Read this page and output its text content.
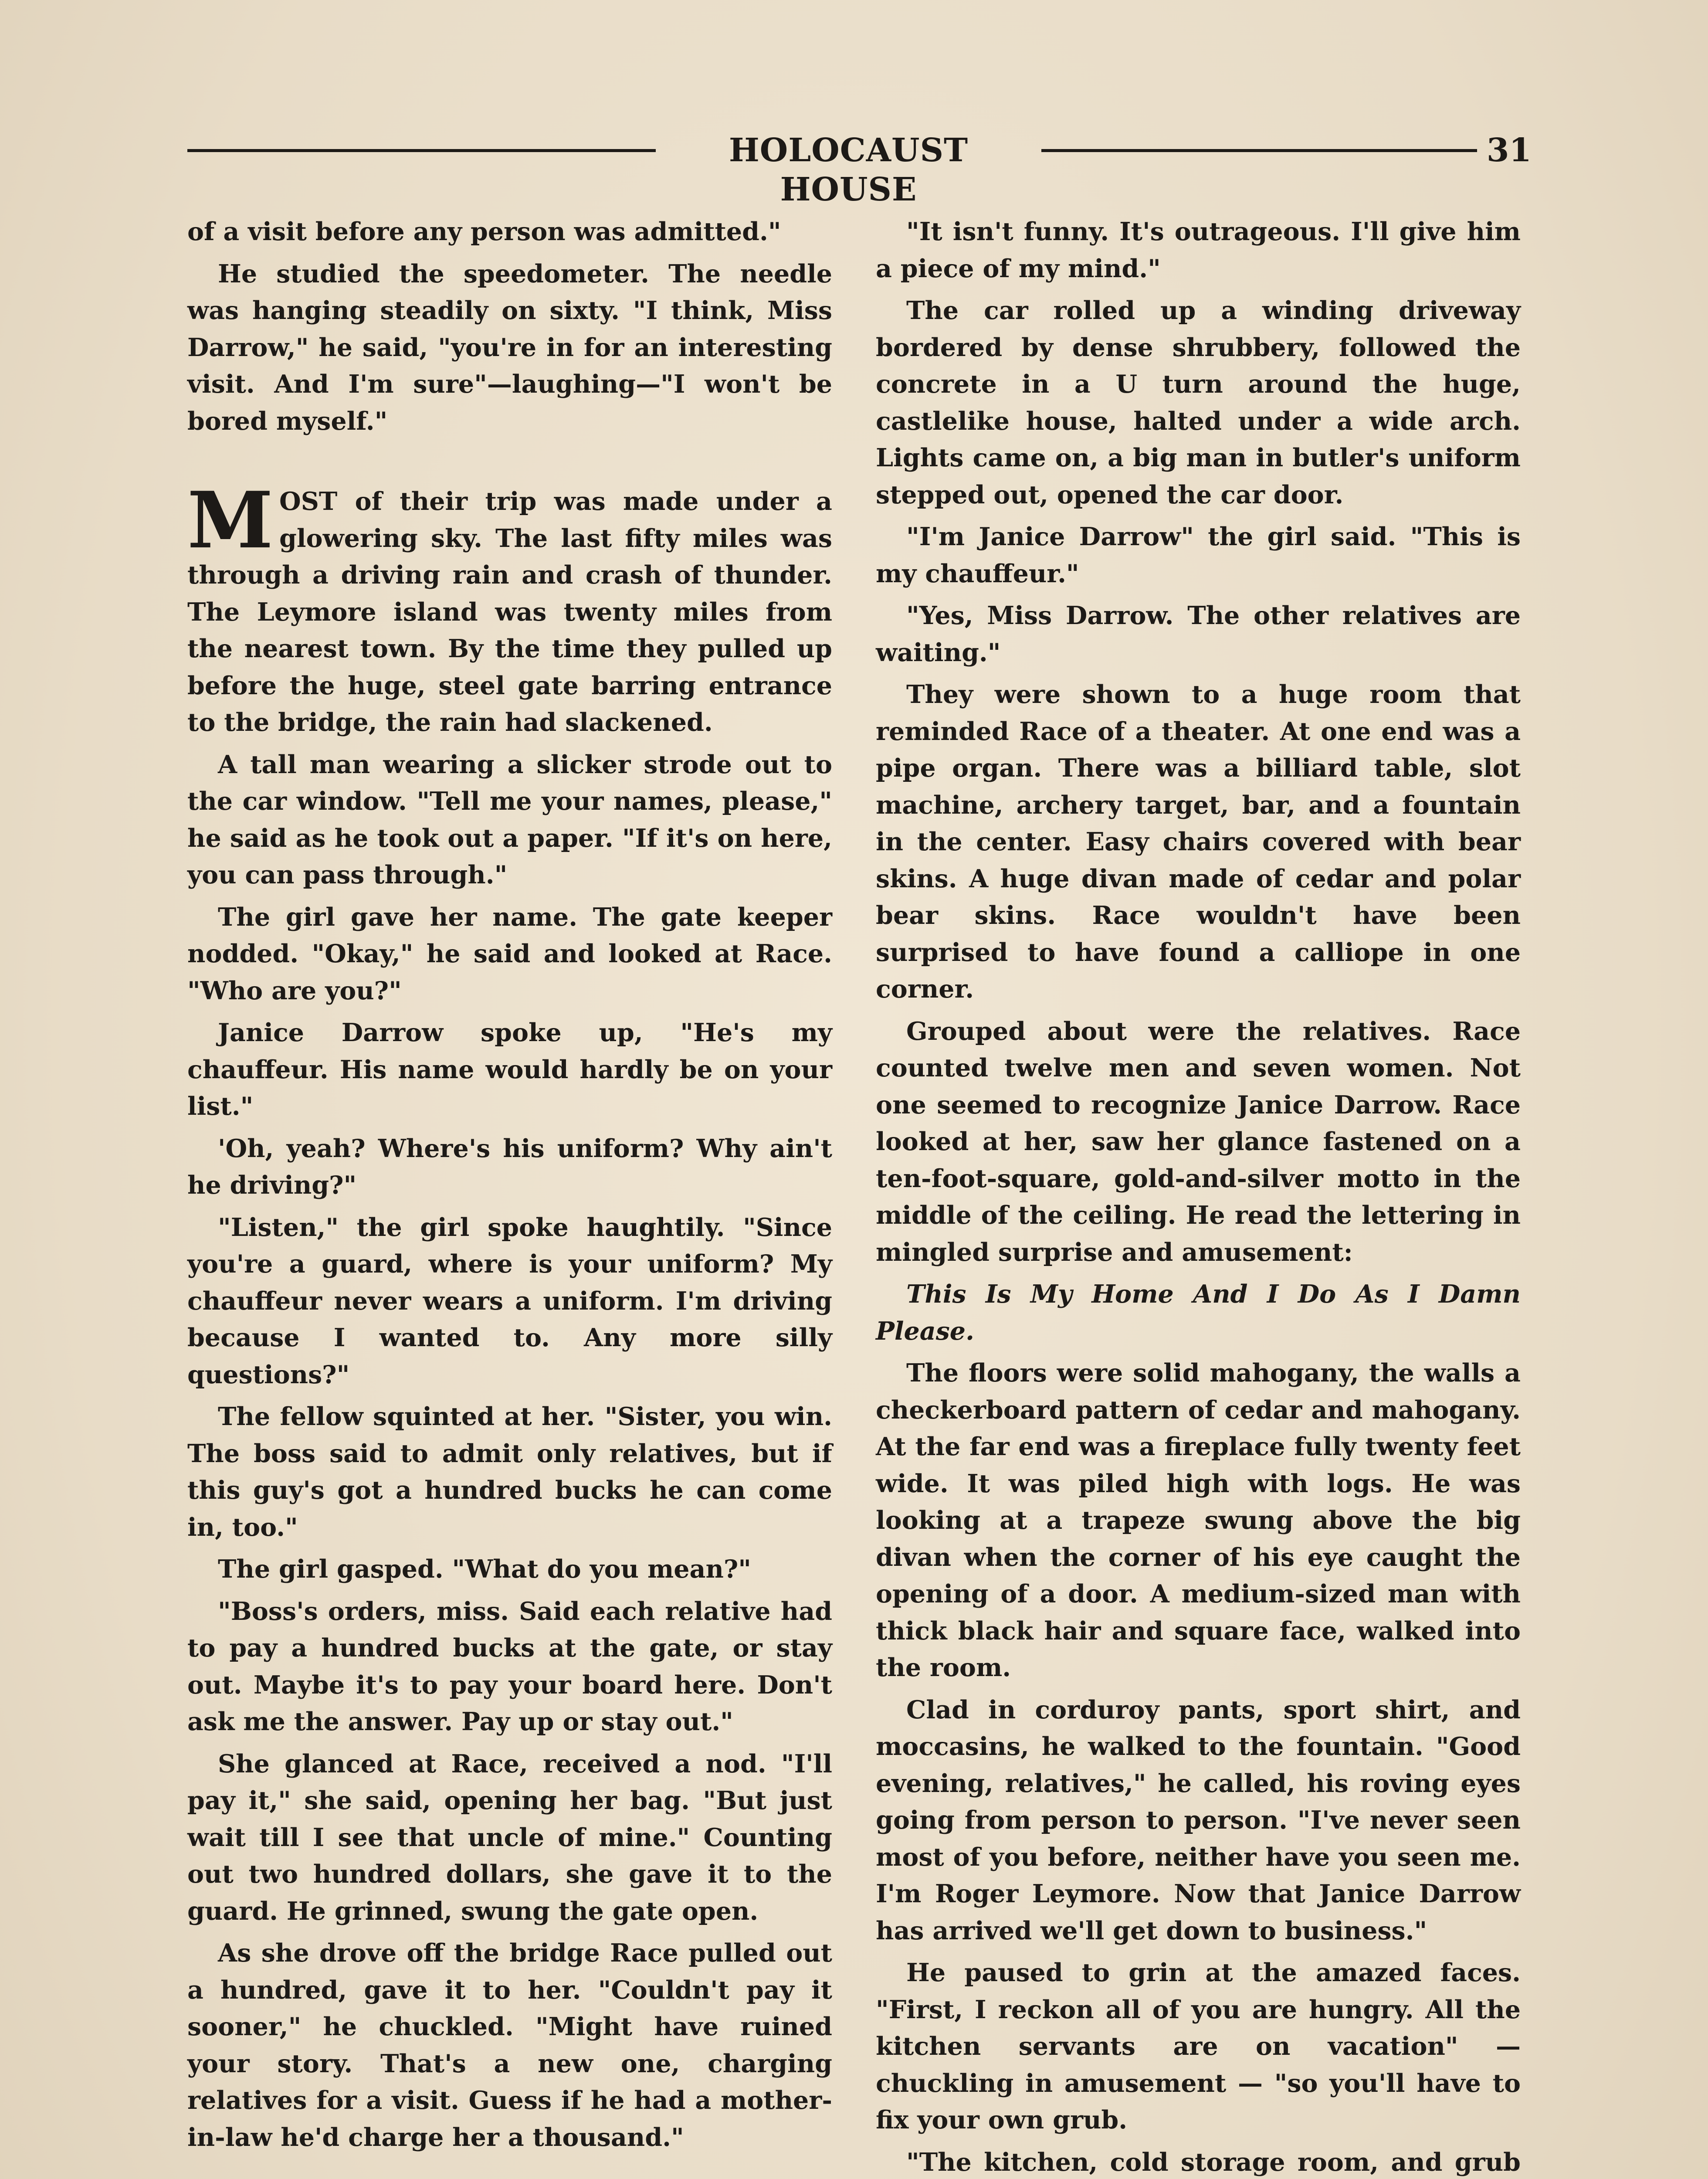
HOLOCAUST HOUSE
31

of a visit before any person was admitted."

He studied the speedometer. The needle was hanging steadily on sixty. "I think, Miss Darrow," he said, "you're in for an interesting visit. And I'm sure"—laughing—"I won't be bored myself."

MOST of their trip was made under a glowering sky. The last fifty miles was through a driving rain and crash of thunder. The Leymore island was twenty miles from the nearest town. By the time they pulled up before the huge, steel gate barring entrance to the bridge, the rain had slackened.

A tall man wearing a slicker strode out to the car window. "Tell me your names, please," he said as he took out a paper. "If it's on here, you can pass through."

The girl gave her name. The gate keeper nodded. "Okay," he said and looked at Race. "Who are you?"

Janice Darrow spoke up, "He's my chauffeur. His name would hardly be on your list."

'Oh, yeah? Where's his uniform? Why ain't he driving?"

"Listen," the girl spoke haughtily. "Since you're a guard, where is your uniform? My chauffeur never wears a uniform. I'm driving because I wanted to. Any more silly questions?"

The fellow squinted at her. "Sister, you win. The boss said to admit only relatives, but if this guy's got a hundred bucks he can come in, too."

The girl gasped. "What do you mean?"

"Boss's orders, miss. Said each relative had to pay a hundred bucks at the gate, or stay out. Maybe it's to pay your board here. Don't ask me the answer. Pay up or stay out."

She glanced at Race, received a nod. "I'll pay it," she said, opening her bag. "But just wait till I see that uncle of mine." Counting out two hundred dollars, she gave it to the guard. He grinned, swung the gate open.

As she drove off the bridge Race pulled out a hundred, gave it to her. "Couldn't pay it sooner," he chuckled. "Might have ruined your story. That's a new one, charging relatives for a visit. Guess if he had a mother-in-law he'd charge her a thousand."

"It isn't funny. It's outrageous. I'll give him a piece of my mind."

The car rolled up a winding driveway bordered by dense shrubbery, followed the concrete in a U turn around the huge, castlelike house, halted under a wide arch. Lights came on, a big man in butler's uniform stepped out, opened the car door.

"I'm Janice Darrow" the girl said. "This is my chauffeur."

"Yes, Miss Darrow. The other relatives are waiting."

They were shown to a huge room that reminded Race of a theater. At one end was a pipe organ. There was a billiard table, slot machine, archery target, bar, and a fountain in the center. Easy chairs covered with bear skins. A huge divan made of cedar and polar bear skins. Race wouldn't have been surprised to have found a calliope in one corner.

Grouped about were the relatives. Race counted twelve men and seven women. Not one seemed to recognize Janice Darrow. Race looked at her, saw her glance fastened on a ten-foot-square, gold-and-silver motto in the middle of the ceiling. He read the lettering in mingled surprise and amusement:

This Is My Home And I Do As I Damn Please.

The floors were solid mahogany, the walls a checkerboard pattern of cedar and mahogany. At the far end was a fireplace fully twenty feet wide. It was piled high with logs. He was looking at a trapeze swung above the big divan when the corner of his eye caught the opening of a door. A medium-sized man with thick black hair and square face, walked into the room.

Clad in corduroy pants, sport shirt, and moccasins, he walked to the fountain. "Good evening, relatives," he called, his roving eyes going from person to person. "I've never seen most of you before, neither have you seen me. I'm Roger Leymore. Now that Janice Darrow has arrived we'll get down to business."

He paused to grin at the amazed faces. "First, I reckon all of you are hungry. All the kitchen servants are on vacation" — chuckling in amusement — "so you'll have to fix your own grub.

"The kitchen, cold storage room, and grub
